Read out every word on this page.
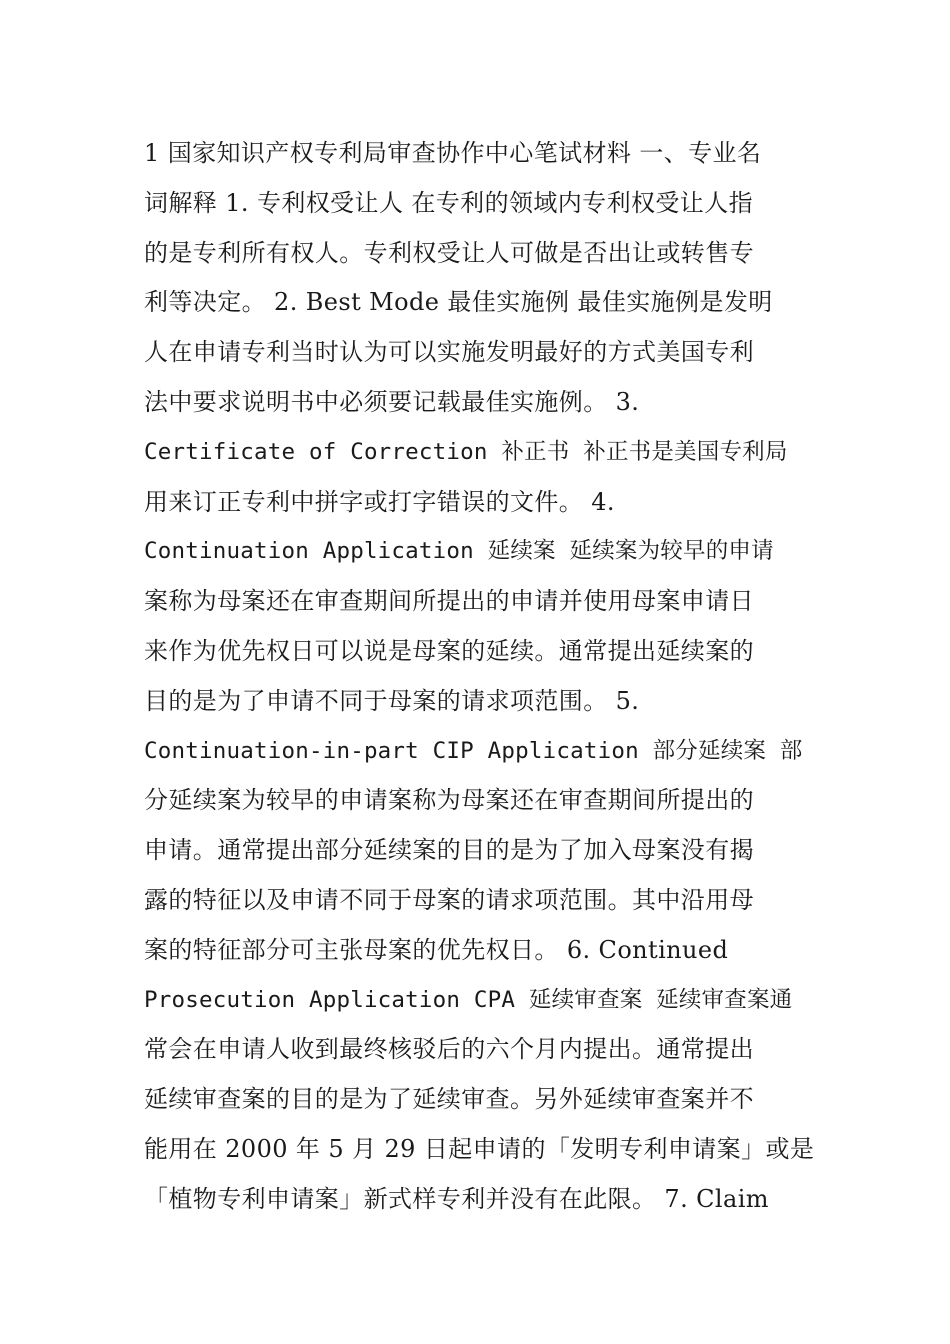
1 国家知识产权专利局审查协作中心笔试材料 一、专业名
词解释 1. 专利权受让人 在专利的领域内专利权受让人指
的是专利所有权人。专利权受让人可做是否出让或转售专
利等决定。 2. Best Mode 最佳实施例 最佳实施例是发明
人在申请专利当时认为可以实施发明最好的方式美国专利
法中要求说明书中必须要记载最佳实施例。 3.
Certificate of Correction 补正书 补正书是美国专利局
用来订正专利中拼字或打字错误的文件。 4.
Continuation Application 延续案 延续案为较早的申请
案称为母案还在审查期间所提出的申请并使用母案申请日
来作为优先权日可以说是母案的延续。通常提出延续案的
目的是为了申请不同于母案的请求项范围。 5.
Continuation-in-part CIP Application 部分延续案 部
分延续案为较早的申请案称为母案还在审查期间所提出的
申请。通常提出部分延续案的目的是为了加入母案没有揭
露的特征以及申请不同于母案的请求项范围。其中沿用母
案的特征部分可主张母案的优先权日。 6. Continued
Prosecution Application CPA 延续审查案 延续审查案通
常会在申请人收到最终核驳后的六个月内提出。通常提出
延续审查案的目的是为了延续审查。另外延续审查案并不
能用在 2000 年 5 月 29 日起申请的「发明专利申请案」或是
「植物专利申请案」新式样专利并没有在此限。 7. Claim
